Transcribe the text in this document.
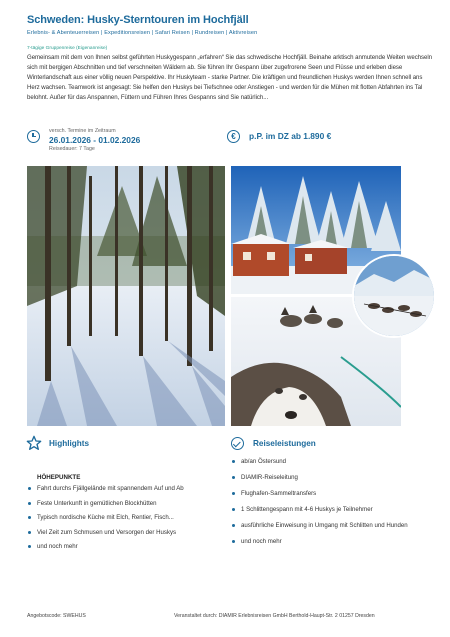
Schweden: Husky-Sterntouren im Hochfjäll
Erlebnis- & Abenteuerreisen | Expeditionsreisen | Safari Reisen | Rundreisen | Aktivreisen
7-tägige Gruppenreise (Eigenanreise)
Gemeinsam mit dem von Ihnen selbst geführten Huskygespann „erfahren“ Sie das schwedische Hochfjäll. Beinahe arktisch anmutende Weiten wechseln sich mit bergigen Abschnitten und tief verschneiten Wäldern ab. Sie führen Ihr Gespann über zugefrorene Seen und Flüsse und erleben diese Winterlandschaft aus einer völlig neuen Perspektive. Ihr Huskyteam - starke Partner. Die kräftigen und freundlichen Huskys werden Ihnen schnell ans Herz wachsen. Teamwork ist angesagt: Sie helfen den Huskys bei Tiefschnee oder Anstiegen - und werden für die Mühen mit flotten Abfahrten ins Tal belohnt. Außer für das Anspannen, Füttern und Führen Ihres Gespanns sind Sie natürlich...
versch. Termine im Zeitraum
26.01.2026 - 01.02.2026
Reisedauer: 7 Tage
€	p.P. im DZ ab 1.890 €
Highlights
HÖHEPUNKTE
Fahrt durchs Fjällgelände mit spannendem Auf und Ab
Feste Unterkunft in gemütlichen Blockhütten
Typisch nordische Küche mit Elch, Rentier, Fisch...
Viel Zeit zum Schmusen und Versorgen der Huskys
und noch mehr
Reiseleistungen
ab/an Östersund
DIAMIR-Reiseleitung
Flughafen-Sammeltransfers
1 Schlittengespann mit 4-6 Huskys je Teilnehmer
ausführliche Einweisung in Umgang mit Schlitten und Hunden
und noch mehr
Angebotscode: SWEHUS	Veranstaltet durch: DIAMIR Erlebnisreisen GmbH Berthold-Haupt-Str. 2 01257 Dresden
